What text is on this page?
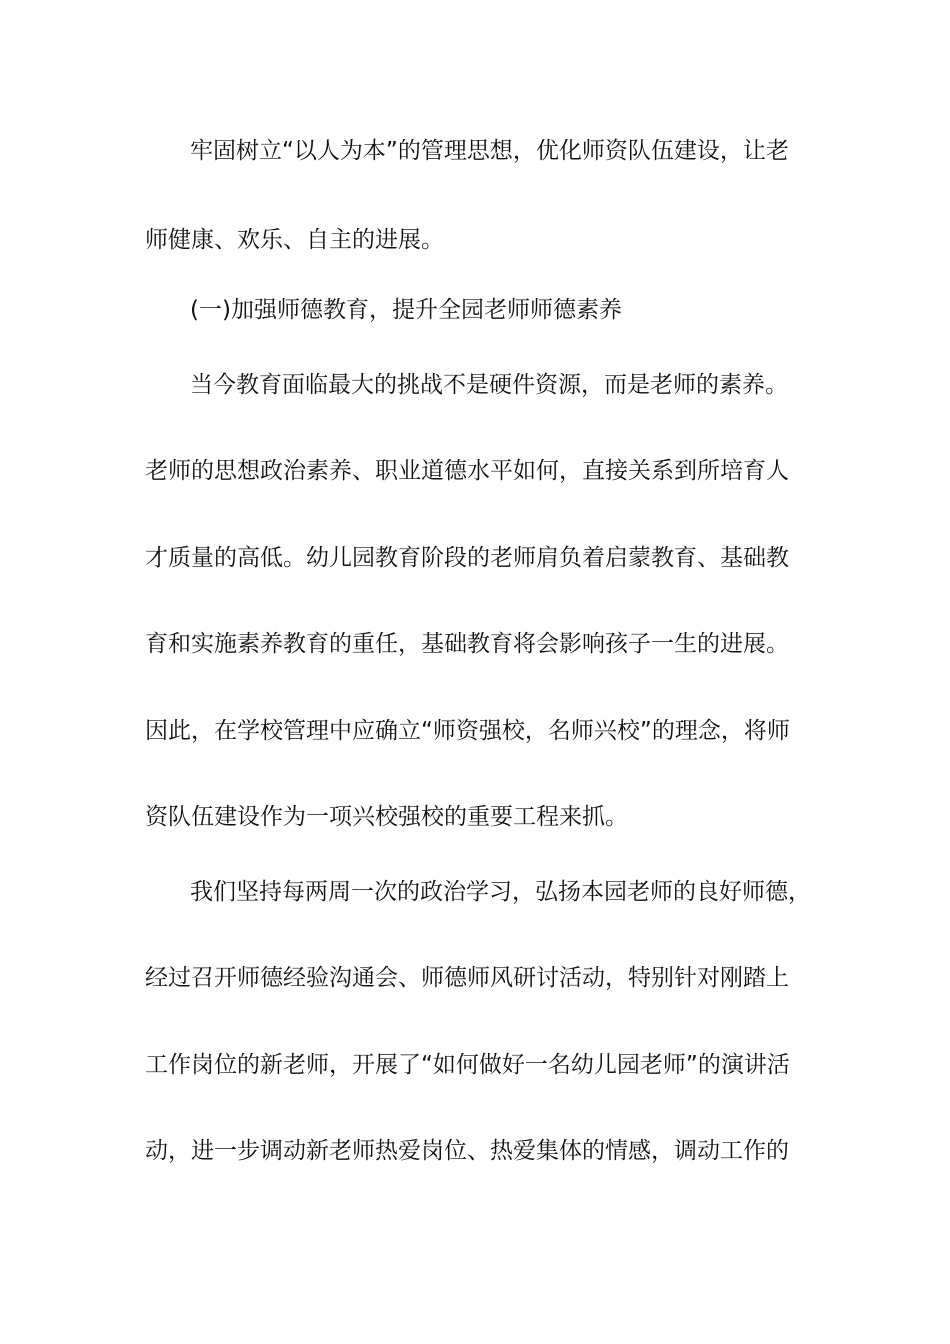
牢固树立“以人为本”的管理思想，优化师资队伍建设，让老
师健康、欢乐、自主的进展。
(一)加强师德教育，提升全园老师师德素养
当今教育面临最大的挑战不是硬件资源，而是老师的素养。
老师的思想政治素养、职业道德水平如何，直接关系到所培育人
才质量的高低。幼儿园教育阶段的老师肩负着启蒙教育、基础教
育和实施素养教育的重任，基础教育将会影响孩子一生的进展。
因此，在学校管理中应确立“师资强校，名师兴校”的理念，将师
资队伍建设作为一项兴校强校的重要工程来抓。
我们坚持每两周一次的政治学习，弘扬本园老师的良好师德，
经过召开师德经验沟通会、师德师风研讨活动，特别针对刚踏上
工作岗位的新老师，开展了“如何做好一名幼儿园老师”的演讲活
动，进一步调动新老师热爱岗位、热爱集体的情感，调动工作的
